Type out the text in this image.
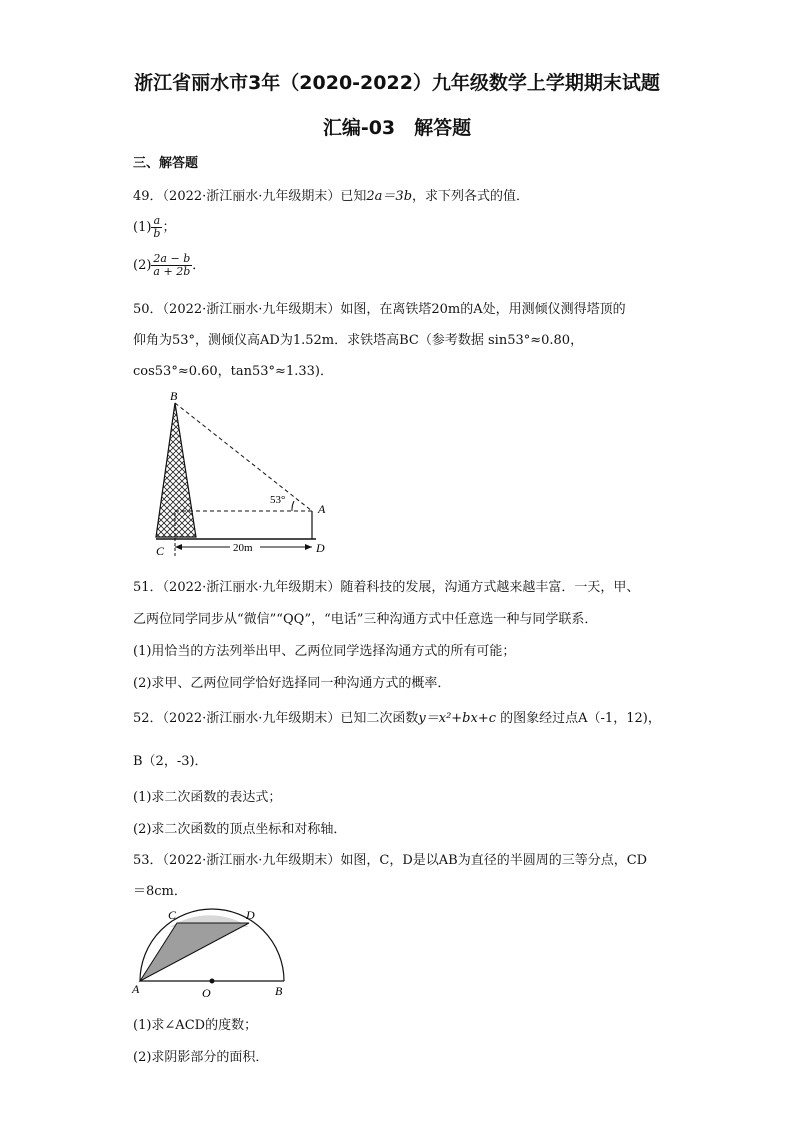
浙江省丽水市3年（2020-2022）九年级数学上学期期末试题
汇编-03　解答题
三、解答题
49．（2022·浙江丽水·九年级期末）已知2a＝3b，求下列各式的值．
$(1) \frac{a}{b}$ ；
$(2) \frac{2a - b}{a + 2b}$ ．
50．（2022·浙江丽水·九年级期末）如图，在离铁塔20m的A处，用测倾仪测得塔顶的
仰角为53°，测倾仪高AD为1.52m．求铁塔高BC（参考数据 sin53°≈0.80，
cos53°≈0.60，tan53°≈1.33)．
B
C
A
D
53°
20m
51．（2022·浙江丽水·九年级期末）随着科技的发展，沟通方式越来越丰富．一天，甲、
乙两位同学同步从“微信”“QQ”，“电话”三种沟通方式中任意选一种与同学联系．
(1)用恰当的方法列举出甲、乙两位同学选择沟通方式的所有可能；
(2)求甲、乙两位同学恰好选择同一种沟通方式的概率．
52．（2022·浙江丽水·九年级期末）已知二次函数y＝x²+bx+c 的图象经过点A（-1，12)，
B（2，-3)．
(1)求二次函数的表达式；
(2)求二次函数的顶点坐标和对称轴．
53．（2022·浙江丽水·九年级期末）如图，C，D是以AB为直径的半圆周的三等分点，CD
＝8cm．
C	D
A	O	B
(1)求∠ACD的度数；
(2)求阴影部分的面积．
